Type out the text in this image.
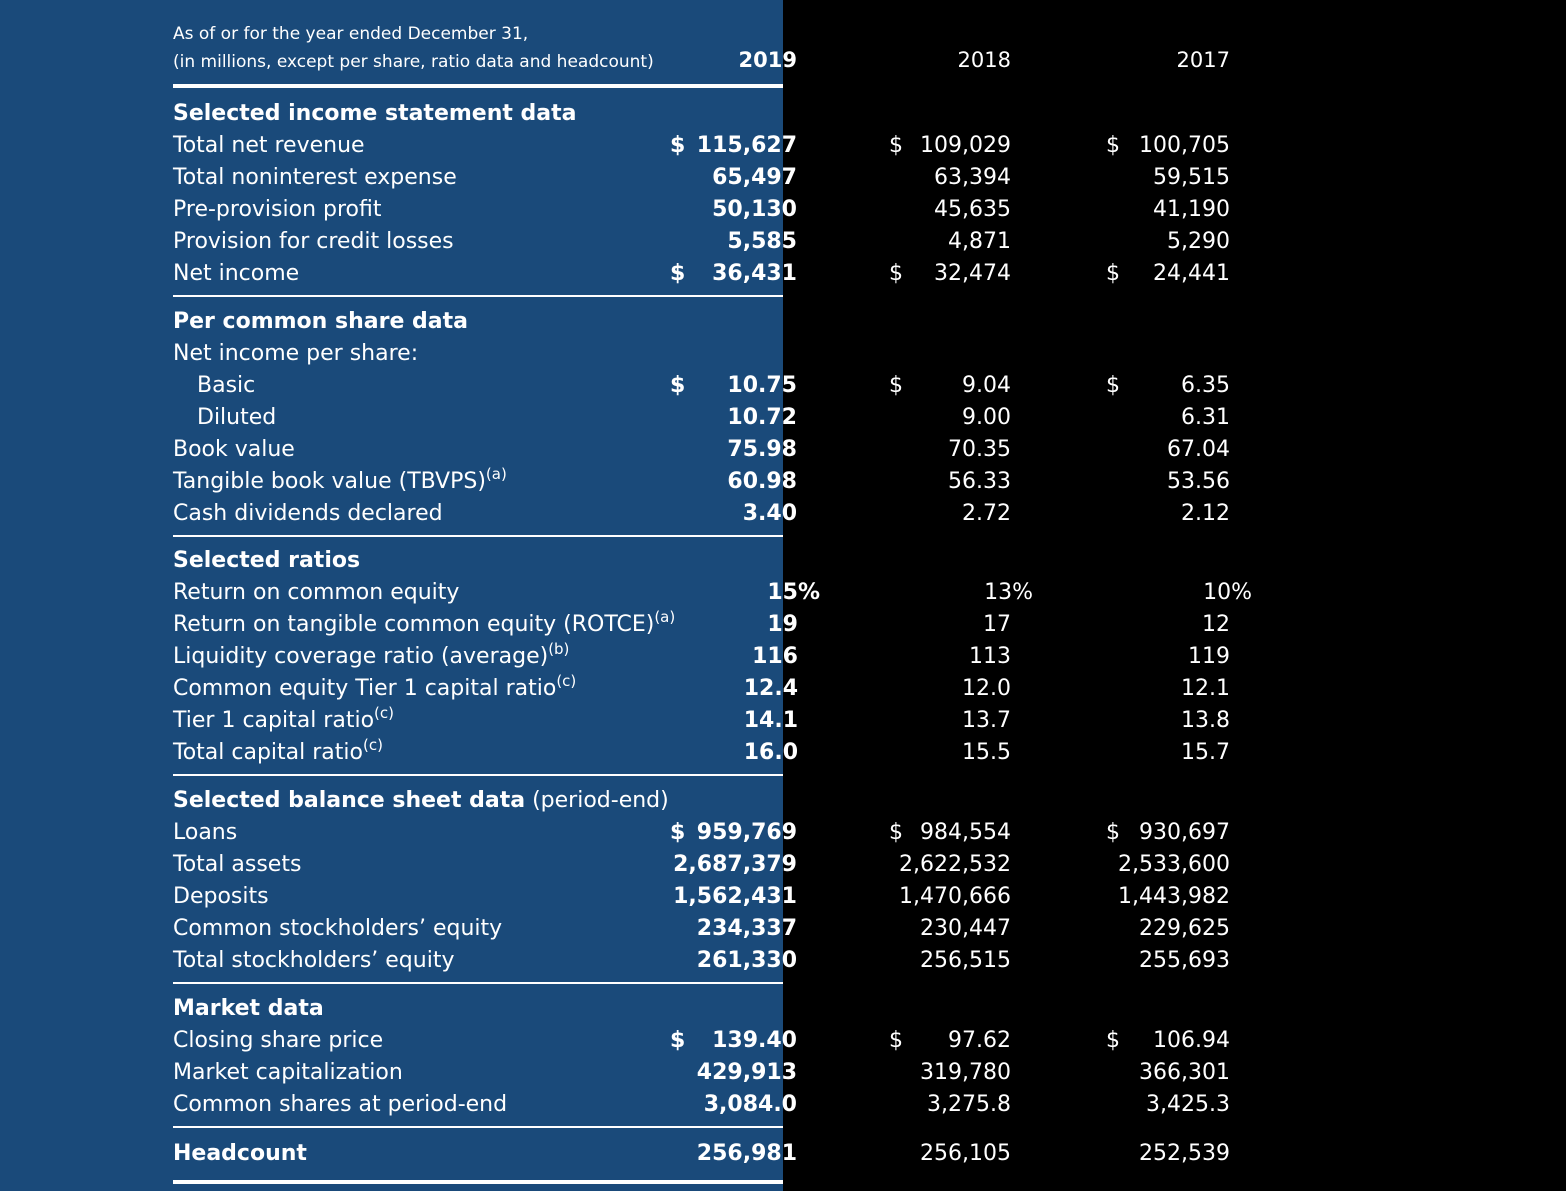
As of or for the year ended December 31,
(in millions, except per share, ratio data and headcount)	2019	2018	2017
Selected income statement data
Total net revenue	$ 115,627	$ 109,029	$ 100,705
Total noninterest expense	65,497	63,394	59,515
Pre-provision profit	50,130	45,635	41,190
Provision for credit losses	5,585	4,871	5,290
Net income	$	36,431	$	32,474	$	24,441
Per common share data
Net income per share:
Basic	$	10.75	$	9.04	$	6.35
Diluted	10.72	9.00	6.31
Book value	75.98	70.35	67.04
Tangible book value (TBVPS)$^{(a)}$	60.98	56.33	53.56
Cash dividends declared	3.40	2.72	2.12
Selected ratios
Return on common equity	15%	13%	10%
Return on tangible common equity (ROTCE)$^{(a)}$	19	17	12
Liquidity coverage ratio (average)$^{(b)}$	116	113	119
Common equity Tier 1 capital ratio$^{(c)}$	12.4	12.0	12.1
Tier 1 capital ratio$^{(c)}$	14.1	13.7	13.8
Total capital ratio$^{(c)}$	16.0	15.5	15.7
Selected balance sheet data (period-end)
Loans	$ 959,769	$ 984,554	$ 930,697
Total assets	2,687,379	2,622,532	2,533,600
Deposits	1,562,431	1,470,666	1,443,982
Common stockholders’ equity	234,337	230,447	229,625
Total stockholders’ equity	261,330	256,515	255,693
Market data
Closing share price	$	139.40	$	97.62	$	106.94
Market capitalization	429,913	319,780	366,301
Common shares at period-end	3,084.0	3,275.8	3,425.3
Headcount	256,981	256,105	252,539
